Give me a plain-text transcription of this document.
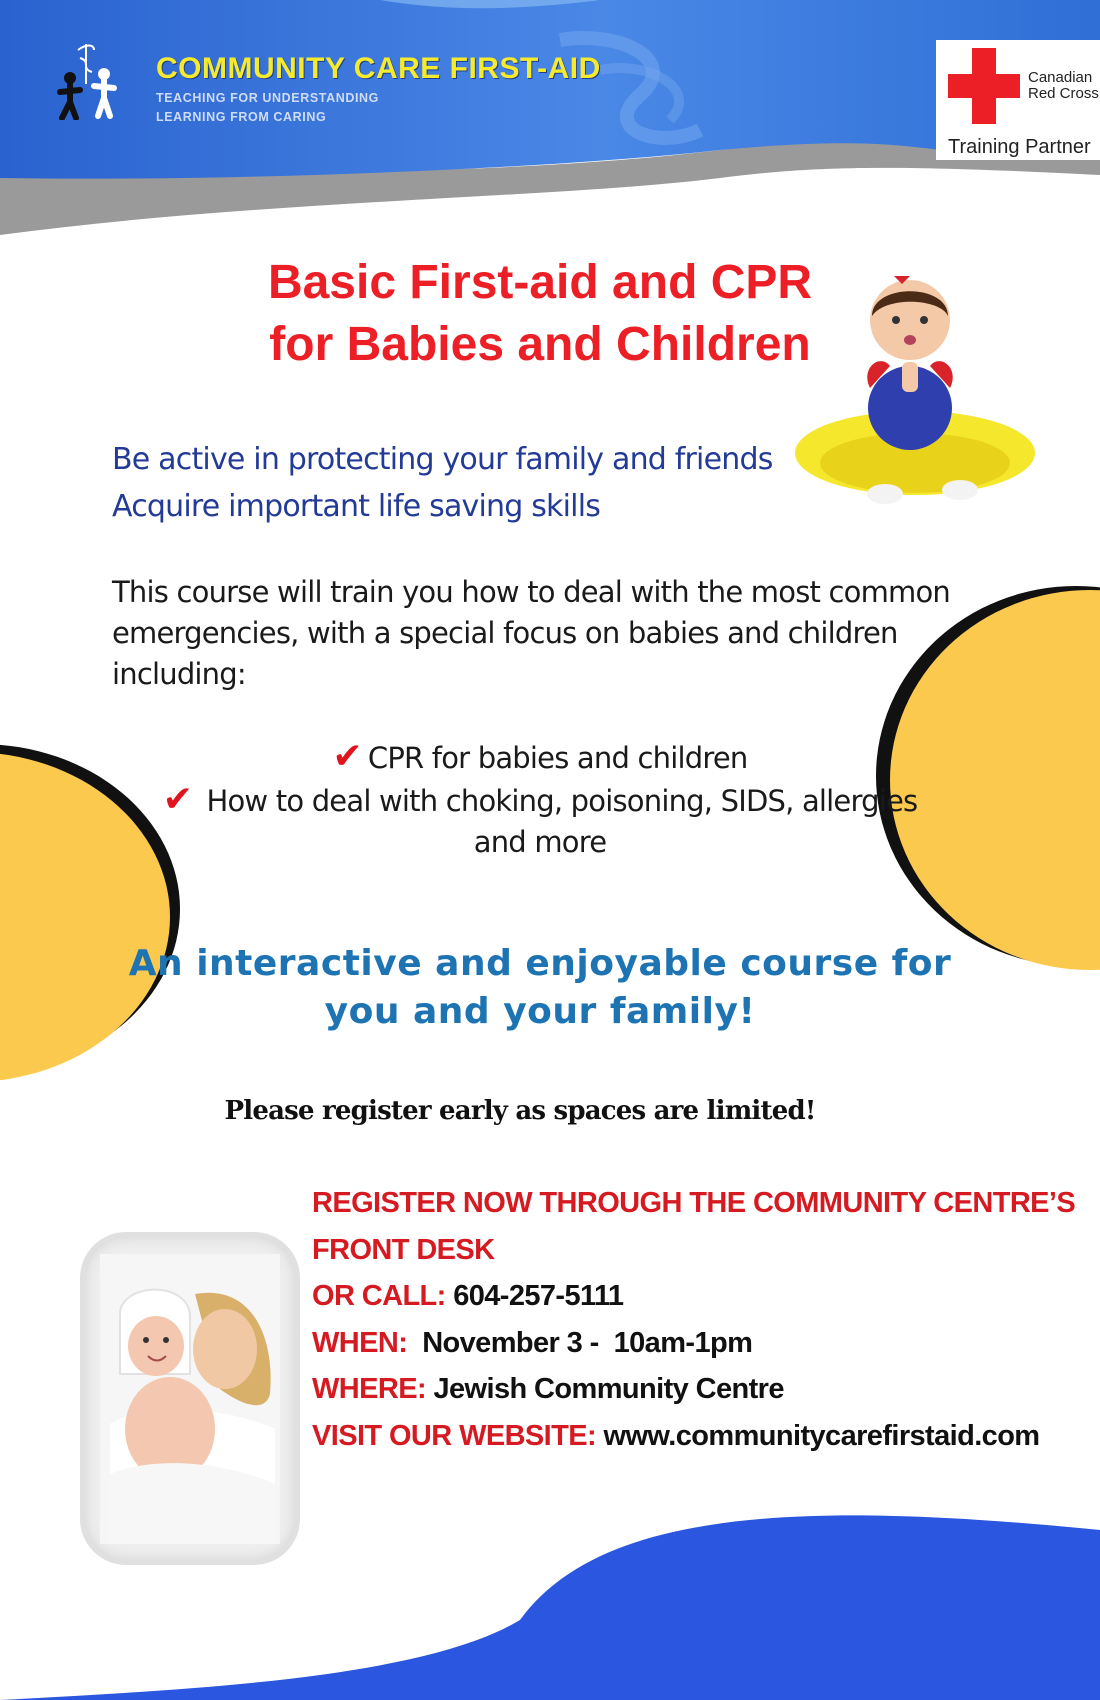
COMMUNITY CARE FIRST-AID
TEACHING FOR UNDERSTANDING
LEARNING FROM CARING
Canadian
Red Cross
Training Partner
Basic First-aid and CPR
for Babies and Children
Be active in protecting your family and friends
Acquire important life saving skills
This course will train you how to deal with the most common emergencies, with a special focus on babies and children including:
✔ CPR for babies and children
✔ How to deal with choking, poisoning, SIDS, allergies
and more
An interactive and enjoyable course for
you and your family!
Please register early as spaces are limited!
REGISTER NOW THROUGH THE COMMUNITY CENTRE’S
FRONT DESK
OR CALL: 604-257-5111
WHEN: November 3 -  10am-1pm
WHERE: Jewish Community Centre
VISIT OUR WEBSITE: www.communitycarefirstaid.com
